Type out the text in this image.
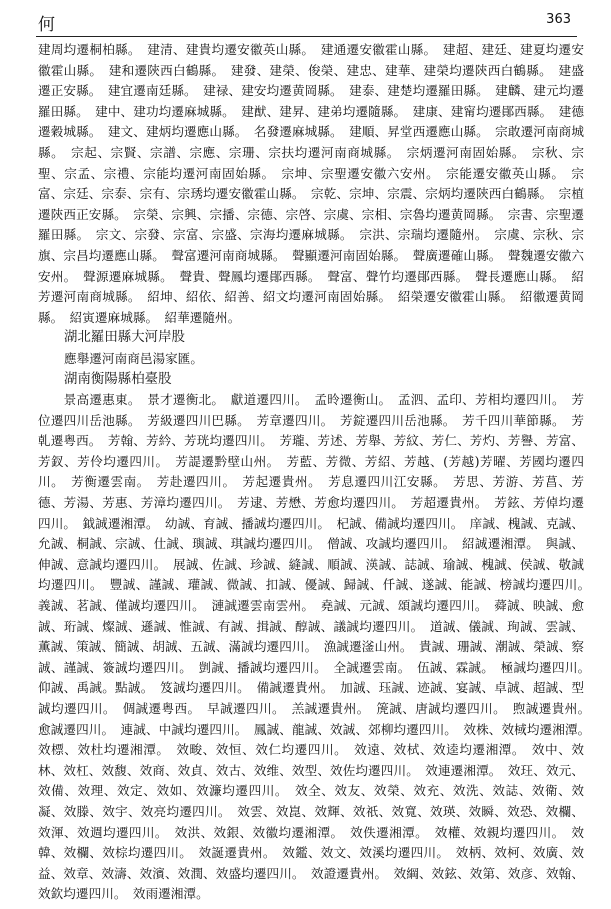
何	363

建周均遷桐柏縣。　建清、建貴均遷安徽英山縣。　建通遷安徽霍山縣。　建超、建廷、建夏均遷安徽霍山縣。　建和遷陝西白鶴縣。　建發、建榮、俊榮、建忠、建華、建榮均遷陝西白鶴縣。　建盛遷正安縣。　建宜遷南廷縣。　建禄、建安均遷黄岡縣。　建泰、建楚均遷羅田縣。　建麟、建元均遷羅田縣。　建中、建功均遷麻城縣。　建猷、建昇、建弟均遷隨縣。　建康、建甯均遷鄖西縣。　建德遷穀城縣。　建文、建炳均遷應山縣。　名發遷麻城縣。　建順、昇堂西遷應山縣。　宗敢遷河南商城縣。　宗起、宗賢、宗譜、宗應、宗珊、宗扶均遷河南商城縣。　宗炳遷河南固始縣。　宗秋、宗聖、宗孟、宗禮、宗能均遷河南固始縣。　宗坤、宗聖遷安徽六安州。　宗能遷安徽英山縣。　宗富、宗廷、宗泰、宗有、宗琇均遷安徽霍山縣。　宗乾、宗坤、宗震、宗炳均遷陝西白鶴縣。　宗植遷陝西正安縣。　宗榮、宗興、宗播、宗德、宗啓、宗虞、宗相、宗魯均遷黄岡縣。　宗書、宗聖遷羅田縣。　宗文、宗發、宗富、宗盛、宗海均遷麻城縣。　宗洪、宗瑞均遷隨州。　宗虞、宗秋、宗旗、宗昌均遷應山縣。　聲富遷河南商城縣。　聲顯遷河南固始縣。　聲廣遷確山縣。　聲魏遷安徽六安州。　聲源遷麻城縣。　聲貴、聲鳳均遷鄖西縣。　聲富、聲竹均遷鄖西縣。　聲長遷應山縣。　紹芳遷河南商城縣。　紹坤、紹依、紹善、紹文均遷河南固始縣。　紹榮遷安徽霍山縣。　紹徽遷黄岡縣。　紹寅遷麻城縣。　紹華遷隨州。

湖北羅田縣大河岸股

應舉遷河南商邑湯家匯。

湖南衡陽縣柏臺股

　　景高遷惠東。　景才遷衡北。　獻道遷四川。　孟昤遷衡山。　孟泗、孟印、芳相均遷四川。　芳位遷四川岳池縣。　芳級遷四川巴縣。　芳章遷四川。　芳錠遷四川岳池縣。　芳千四川華節縣。　芳乹遷粤西。　芳翰、芳紟、芳珖均遷四川。　芳瓏、芳述、芳舉、芳紋、芳仁、芳灼、芳譽、芳富、芳釵、芳伶均遷四川。　芳諟遷黔壁山州。　芳藍、芳微、芳紹、芳越、(芳越)芳曜、芳國均遷四川。　芳衡遷雲南。　芳赴遷四川。　芳起遷貴州。　芳息遷四川江安縣。　芳思、芳游、芳菖、芳德、芳湯、芳惠、芳漳均遷四川。　芳逮、芳懋、芳愈均遷四川。　芳超遷貴州。　芳鉉、芳倬均遷四川。　鉞誠遷湘潭。　幼誠、育誠、播誠均遷四川。　杞誠、備誠均遷四川。　庠誠、槐誠、克誠、允誠、桐誠、宗誠、仕誠、璵誠、琪誠均遷四川。　僧誠、攻誠均遷四川。　紹誠遷湘潭。　與誠、伸誠、意誠均遷四川。　展誠、佐誠、珍誠、縫誠、順誠、渶誠、誌誠、瑜誠、槐誠、侯誠、敬誠均遷四川。　豐誠、謹誠、瓘誠、微誠、扣誠、優誠、歸誠、仟誠、遂誠、能誠、榜誠均遷四川。　義誠、茗誠、僅誠均遷四川。　漣誠遷雲南雲州。　堯誠、元誠、頌誠均遷四川。　蕣誠、映誠、愈誠、珩誠、燦誠、遜誠、惟誠、有誠、揖誠、醇誠、議誠均遷四川。　道誠、儀誠、珣誠、雲誠、薫誠、策誠、簡誠、胡誠、五誠、滿誠均遷四川。　漁誠遷滏山州。　貴誠、珊誠、潮誠、榮誠、察誠、謹誠、簽誠均遷四川。　剴誠、播誠均遷四川。　全誠遷雲南。　伍誠、霖誠。　極誠均遷四川。　仰誠、禹誠。點誠。　笈誠均遷四川。　備誠遷貴州。　加誠、珏誠、迹誠、宴誠、卓誠、超誠、型誠均遷四川。　倜誠遷粤西。　早誠遷四川。　羔誠遷貴州。　箎誠、唐誠均遷四川。　煦誠遷貴州。　愈誠遷四川。　連誠、中誠均遷四川。　鳳誠、龍誠、效誠、郊柳均遷四川。　效株、效棫均遷湘潭。　效標、效杜均遷湘潭。　效畯、效恒、效仁均遷四川。　效遠、效栻、效逵均遷湘潭。　效中、效林、效杠、效馥、效商、效貞、效古、效维、效型、效佐均遷四川。　效連遷湘潭。　效玨、效元、效備、效理、效定、效如、效濂均遷四川。　效全、效友、效榮、效充、效洗、效誌、效衛、效凝、效滕、效宇、效亮均遷四川。　效雲、效崑、效輝、效祇、效寬、效瑛、效瞬、效恐、效欄、效渾、效週均遷四川。　效洪、效銀、效徽均遷湘潭。　效佚遷湘潭。　效權、效親均遷四川。　效韓、效欄、效棕均遷四川。　效誕遷貴州。　效鑑、效文、效溪均遷四川。　效柄、效柯、效廣、效益、效章、效濤、效濱、效潤、效盛均遷四川。　效證遷貴州。　效綱、效鉉、效第、效彦、效翰、效欽均遷四川。　效雨遷湘潭。
